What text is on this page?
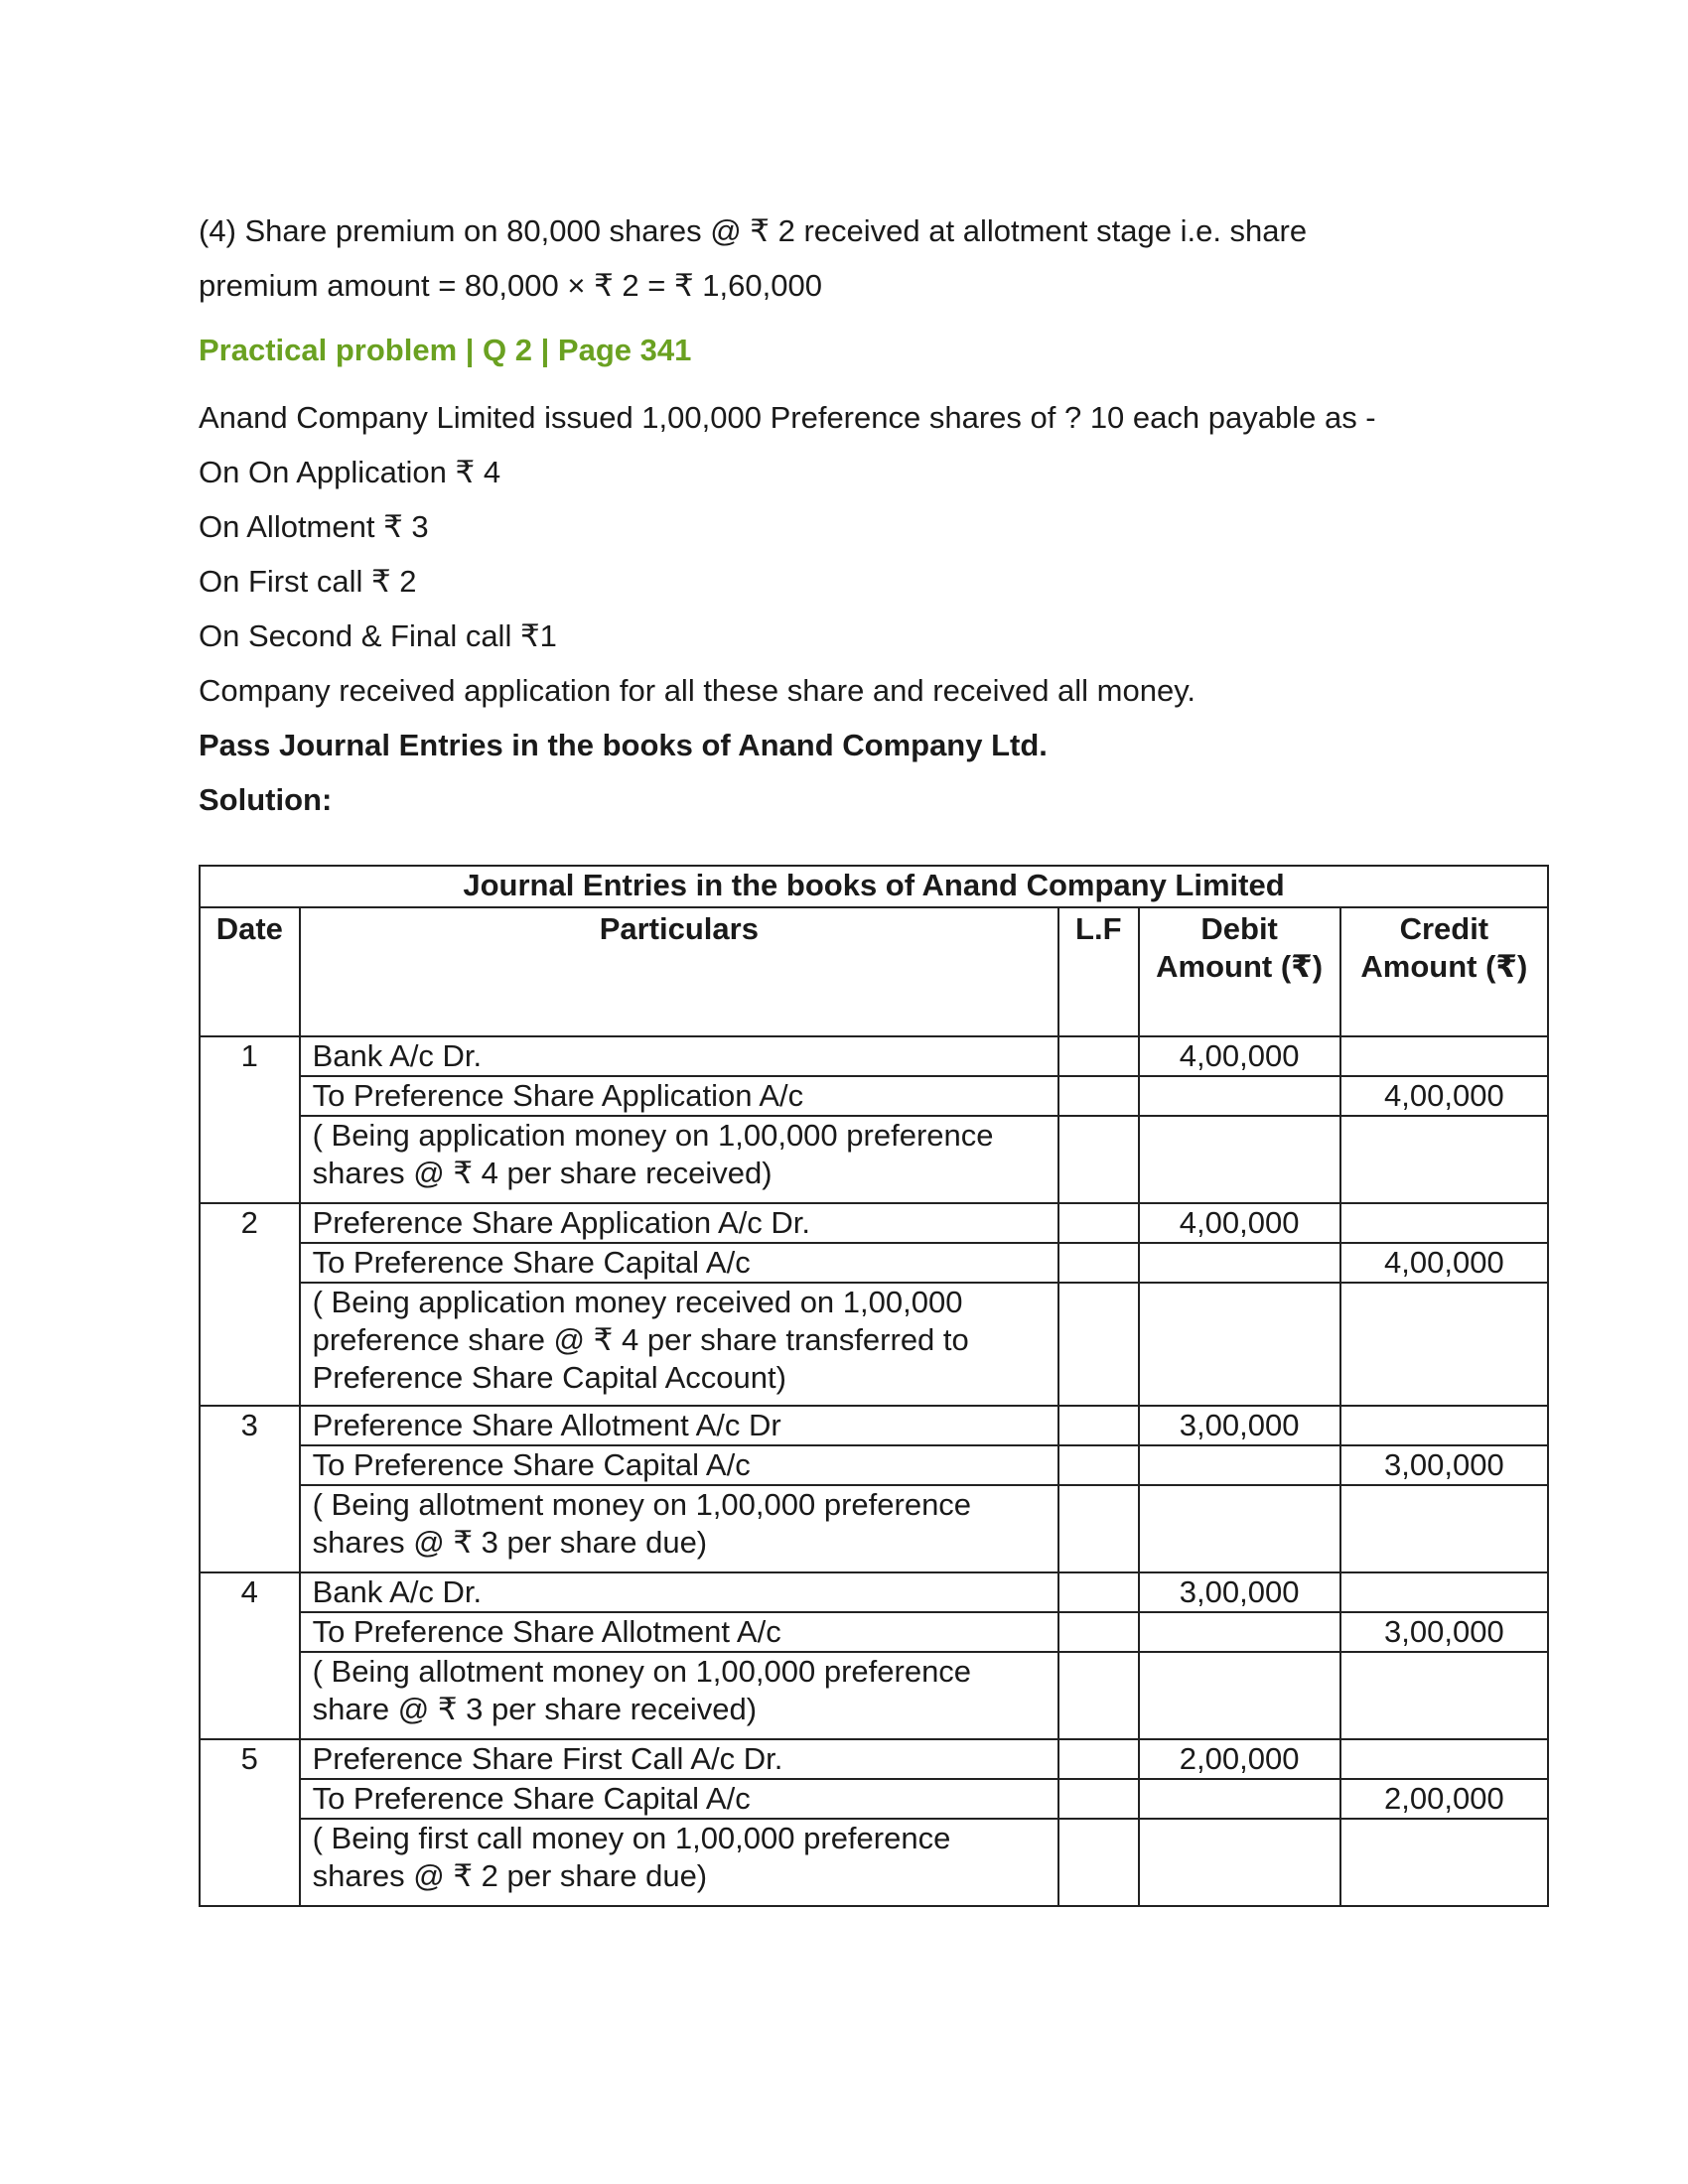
(4) Share premium on 80,000 shares @ ₹ 2 received at allotment stage i.e. share

premium amount = 80,000 × ₹ 2 = ₹ 1,60,000

Practical problem | Q 2 | Page 341

Anand Company Limited issued 1,00,000 Preference shares of ? 10 each payable as -

On On Application ₹ 4

On Allotment ₹ 3

On First call ₹ 2

On Second & Final call ₹1

Company received application for all these share and received all money.

Pass Journal Entries in the books of Anand Company Ltd.

Solution:

Journal Entries in the books of Anand Company Limited				
Date	Particulars	L.F	Debit Amount (₹)	Credit Amount (₹)
1	Bank A/c Dr.		4,00,000	
	To Preference Share Application A/c			4,00,000
	( Being application money on 1,00,000 preference shares @ ₹ 4 per share received)			
2	Preference Share Application A/c Dr.		4,00,000	
	To Preference Share Capital A/c			4,00,000
	( Being application money received on 1,00,000 preference share @ ₹ 4 per share transferred to Preference Share Capital Account)			
3	Preference Share Allotment A/c Dr		3,00,000	
	To Preference Share Capital A/c			3,00,000
	( Being allotment money on 1,00,000 preference shares @ ₹ 3 per share due)			
4	Bank A/c Dr.		3,00,000	
	To Preference Share Allotment A/c			3,00,000
	( Being allotment money on 1,00,000 preference share @ ₹ 3 per share received)			
5	Preference Share First Call A/c Dr.		2,00,000	
	To Preference Share Capital A/c			2,00,000
	( Being first call money on 1,00,000 preference shares @ ₹ 2 per share due)			
